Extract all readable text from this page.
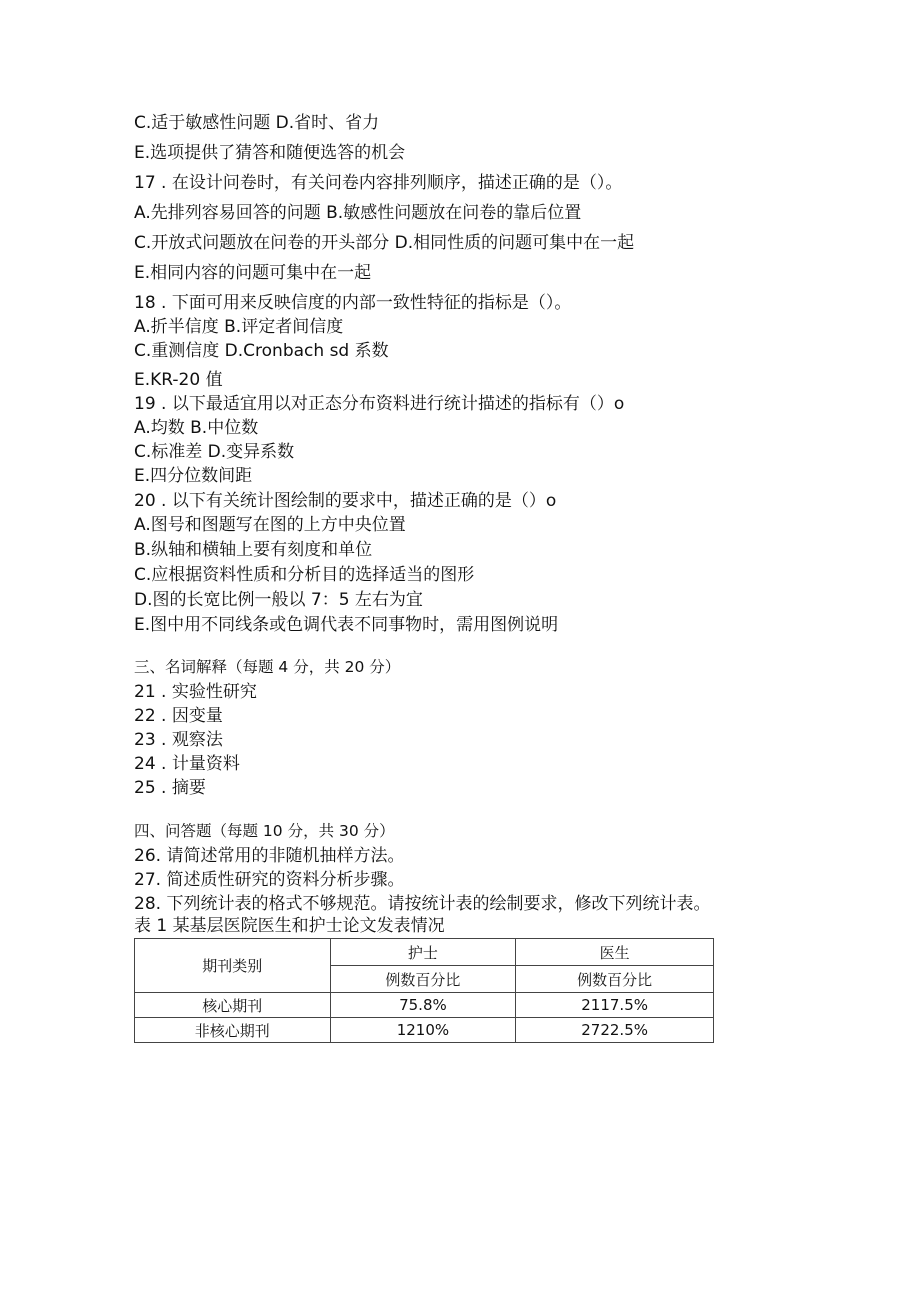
C.适于敏感性问题 D.省时、省力
E.选项提供了猜答和随便选答的机会
17 . 在设计问卷时，有关问卷内容排列顺序，描述正确的是（）。
A.先排列容易回答的问题 B.敏感性问题放在问卷的靠后位置
C.开放式问题放在问卷的开头部分 D.相同性质的问题可集中在一起
E.相同内容的问题可集中在一起
18 . 下面可用来反映信度的内部一致性特征的指标是（）。
A.折半信度 B.评定者间信度
C.重测信度 D.Cronbach sd 系数
E.KR-20 值
19 . 以下最适宜用以对正态分布资料进行统计描述的指标有（）o
A.均数 B.中位数
C.标准差 D.变异系数
E.四分位数间距
20 . 以下有关统计图绘制的要求中，描述正确的是（）o
A.图号和图题写在图的上方中央位置
B.纵轴和横轴上要有刻度和单位
C.应根据资料性质和分析目的选择适当的图形
D.图的长宽比例一般以 7：5 左右为宜
E.图中用不同线条或色调代表不同事物时，需用图例说明
三、名词解释（每题 4 分，共 20 分）
21 . 实验性研究
22 . 因变量
23 . 观察法
24 . 计量资料
25 . 摘要
四、问答题（每题 10 分，共 30 分）
26. 请简述常用的非随机抽样方法。
27. 简述质性研究的资料分析步骤。
28. 下列统计表的格式不够规范。请按统计表的绘制要求，修改下列统计表。
表 1 某基层医院医生和护士论文发表情况
期刊类别	护士	医生
	例数百分比	例数百分比
核心期刊	75.8%	2117.5%
非核心期刊	1210%	2722.5%
